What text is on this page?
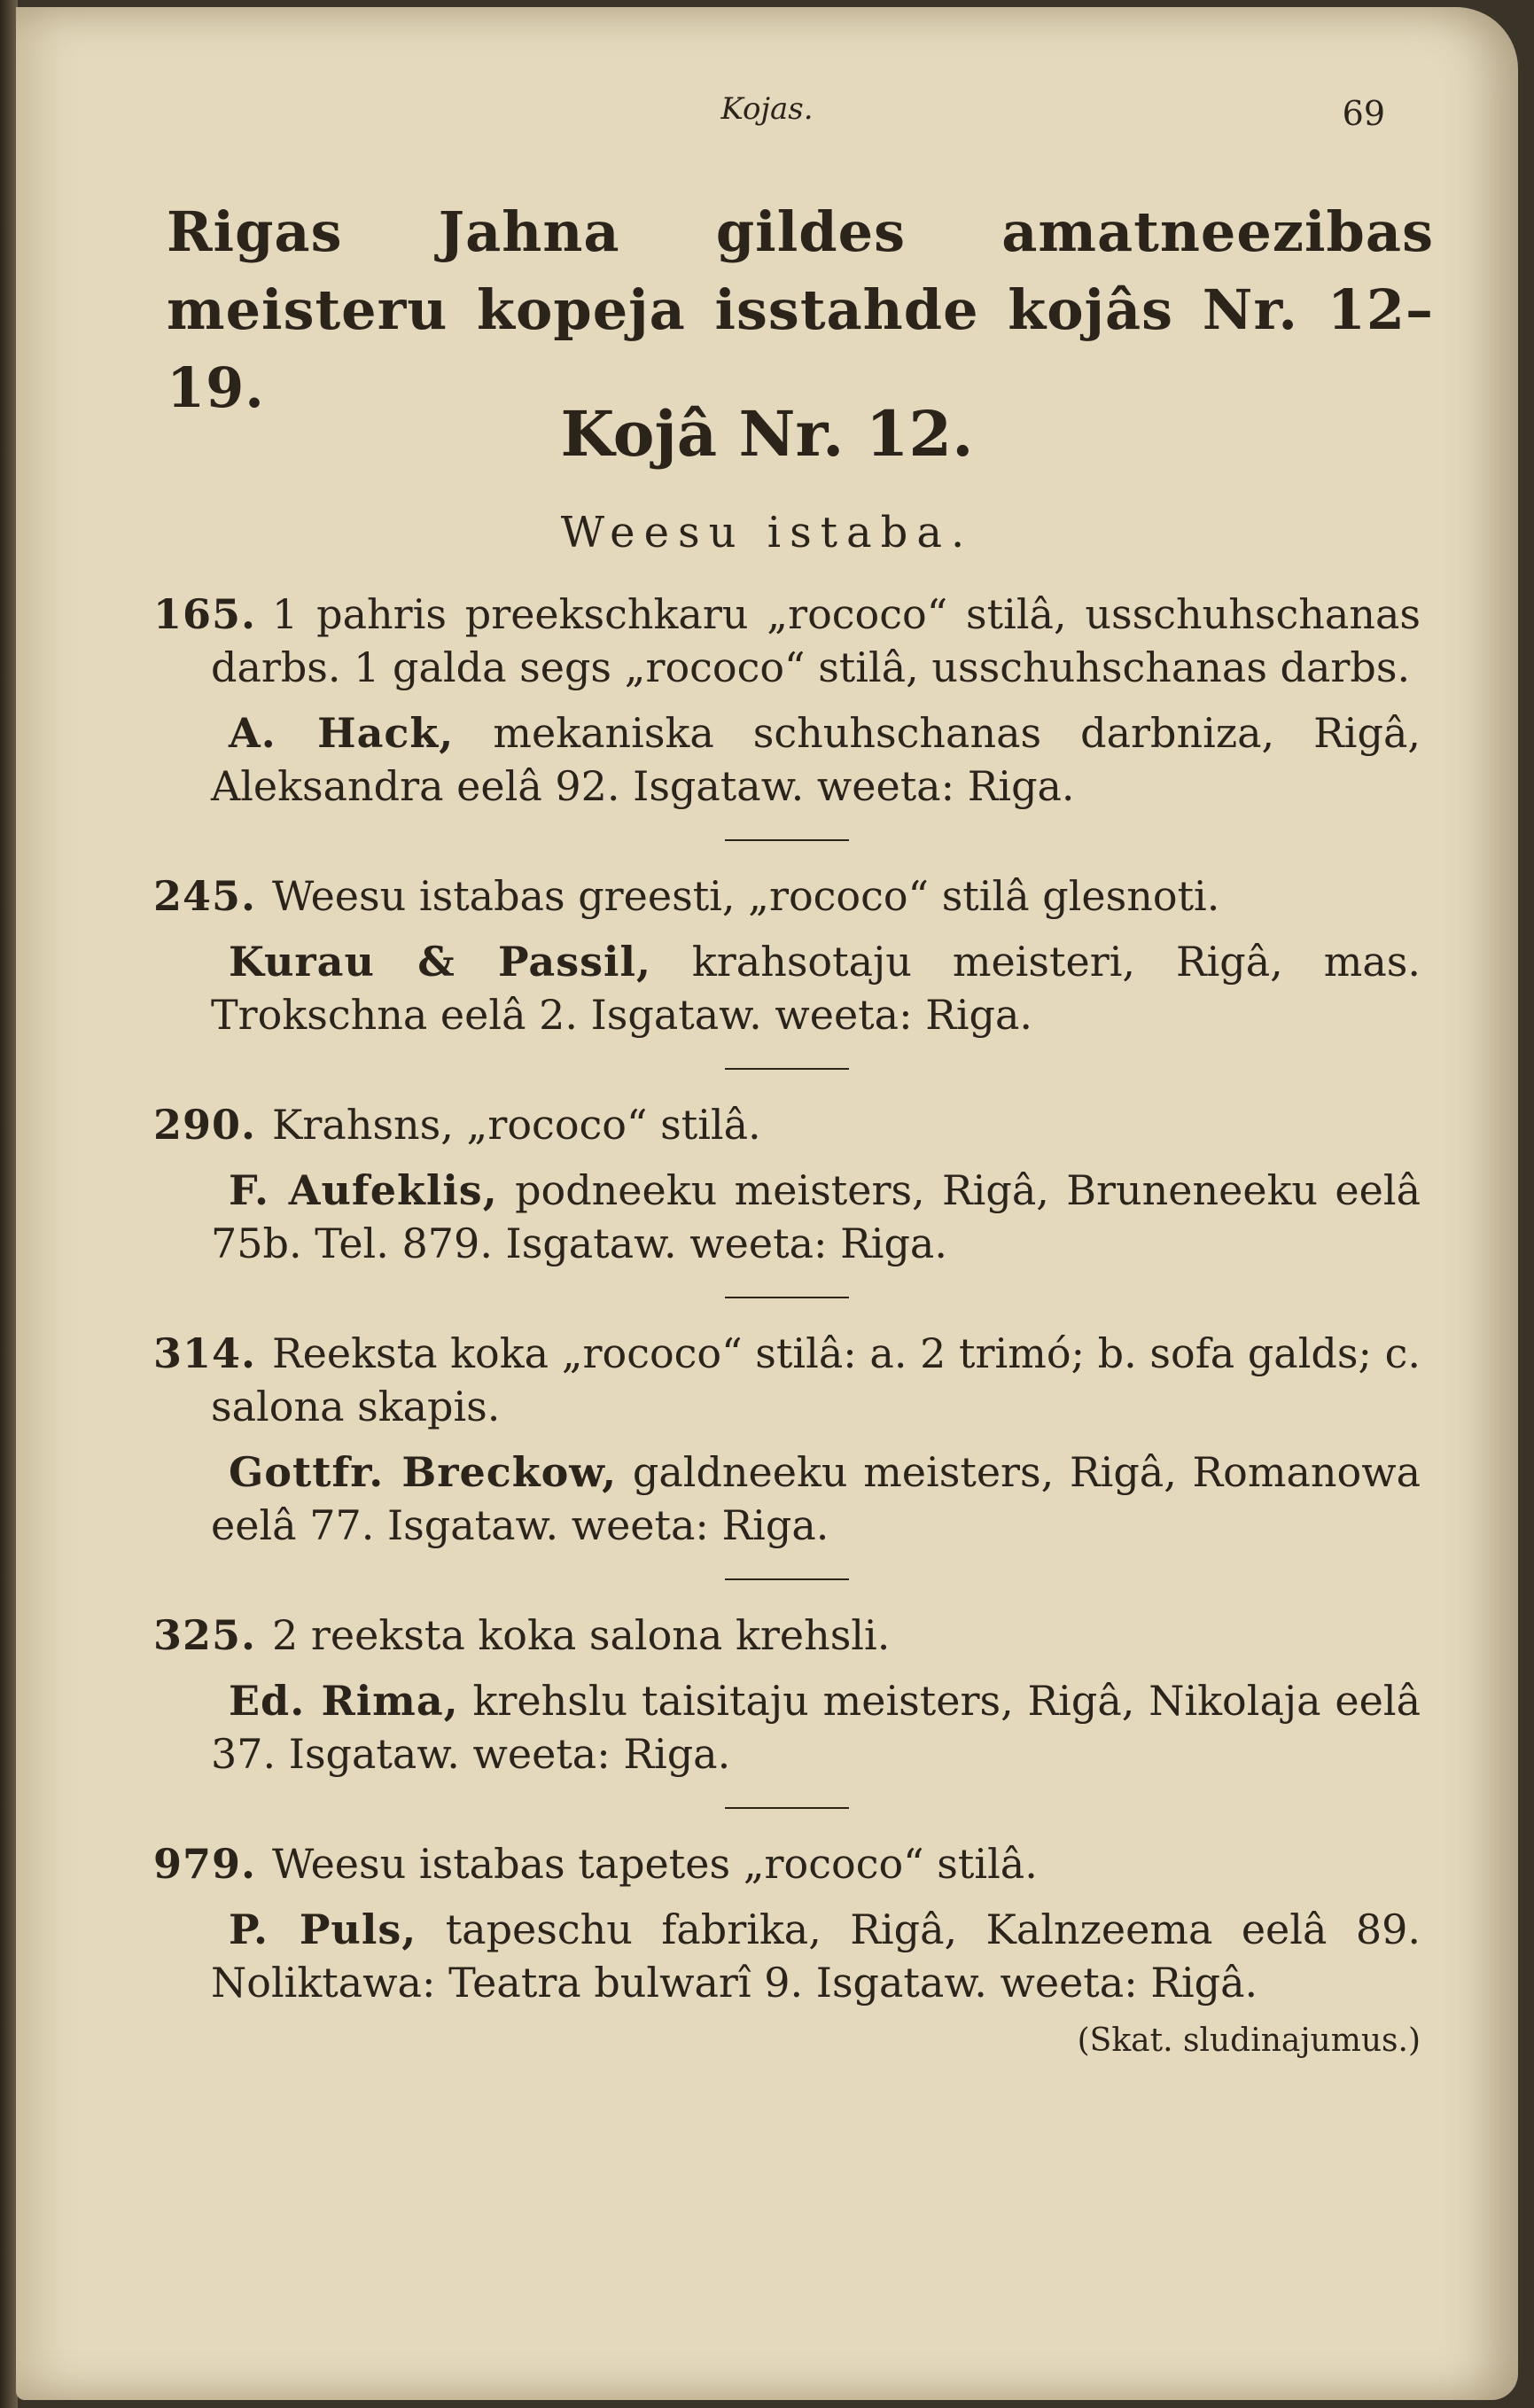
Kojas.	69
Rigas Jahna gildes amatneezibas meisteru kopeja isstahde kojâs Nr. 12–19.
Kojâ Nr. 12.
Weesu istaba.
165. 1 pahris preekschkaru „rococo“ stilâ, usschuhschanas darbs. 1 galda segs „rococo“ stilâ, usschuhschanas darbs.
A. Hack, mekaniska schuhschanas darbniza, Rigâ, Aleksandra eelâ 92. Isgataw. weeta: Riga.
245. Weesu istabas greesti, „rococo“ stilâ glesnoti.
Kurau & Passil, krahsotaju meisteri, Rigâ, mas. Trokschna eelâ 2. Isgataw. weeta: Riga.
290. Krahsns, „rococo“ stilâ.
F. Aufeklis, podneeku meisters, Rigâ, Bruneneeku eelâ 75b. Tel. 879. Isgataw. weeta: Riga.
314. Reeksta koka „rococo“ stilâ: a. 2 trimó; b. sofa galds; c. salona skapis.
Gottfr. Breckow, galdneeku meisters, Rigâ, Romanowa eelâ 77. Isgataw. weeta: Riga.
325. 2 reeksta koka salona krehsli.
Ed. Rima, krehslu taisitaju meisters, Rigâ, Nikolaja eelâ 37. Isgataw. weeta: Riga.
979. Weesu istabas tapetes „rococo“ stilâ.
P. Puls, tapeschu fabrika, Rigâ, Kalnzeema eelâ 89. Noliktawa: Teatra bulwarî 9. Isgataw. weeta: Rigâ.
(Skat. sludinajumus.)
